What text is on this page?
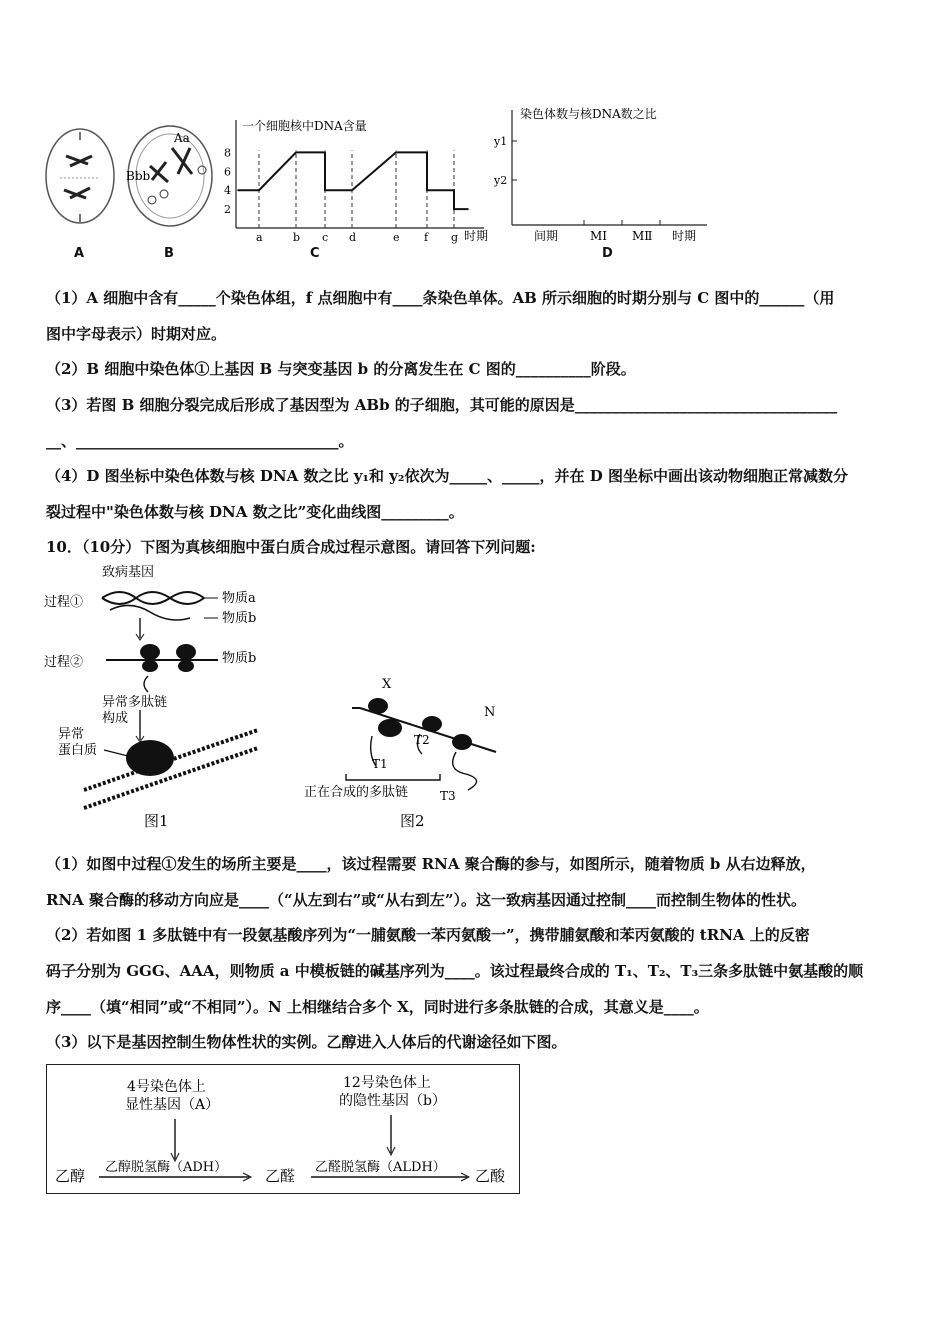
Bbb
Aa
A	B
一个细胞核中DNA含量
2
4
6
8
a	b c d	e f g 时期
C
染色体数与核DNA数之比
y1
y2
间期	MⅠ MⅡ 时期
D
（1）A 细胞中含有_____个染色体组，f 点细胞中有____条染色单体。AB 所示细胞的时期分别与 C 图中的______（用
图中字母表示）时期对应。
（2）B 细胞中染色体①上基因 B 与突变基因 b 的分离发生在 C 图的__________阶段。
（3）若图 B 细胞分裂完成后形成了基因型为 ABb 的子细胞，其可能的原因是___________________________________
__、___________________________________。
（4）D 图坐标中染色体数与核 DNA 数之比 y₁和 y₂依次为_____、_____，并在 D 图坐标中画出该动物细胞正常减数分
裂过程中"染色体数与核 DNA 数之比”变化曲线图_________。
10．（10分）下图为真核细胞中蛋白质合成过程示意图。请回答下列问题:
致病基因
过程①	物质a
物质b
过程②	物质b
异常多肽链
构成
异常
蛋白质
图1
X
N
T1
T2
T3
正在合成的多肽链
图2
（1）如图中过程①发生的场所主要是____，该过程需要 RNA 聚合酶的参与，如图所示，随着物质 b 从右边释放，
RNA 聚合酶的移动方向应是____（“从左到右”或“从右到左”）。这一致病基因通过控制____而控制生物体的性状。
（2）若如图 1 多肽链中有一段氨基酸序列为“一脯氨酸一苯丙氨酸一”，携带脯氨酸和苯丙氨酸的 tRNA 上的反密
码子分别为 GGG、AAA，则物质 a 中模板链的碱基序列为____。该过程最终合成的 T₁、T₂、T₃三条多肽链中氨基酸的顺
序____（填“相同”或“不相同”）。N 上相继结合多个 X，同时进行多条肽链的合成，其意义是____。
（3）以下是基因控制生物体性状的实例。乙醇进入人体后的代谢途径如下图。
4号染色体上
显性基因（A）
12号染色体上
的隐性基因（b）
乙醇 乙醇脱氢酶（ADH）	乙醛 乙醛脱氢酶（ALDH） 乙酸
